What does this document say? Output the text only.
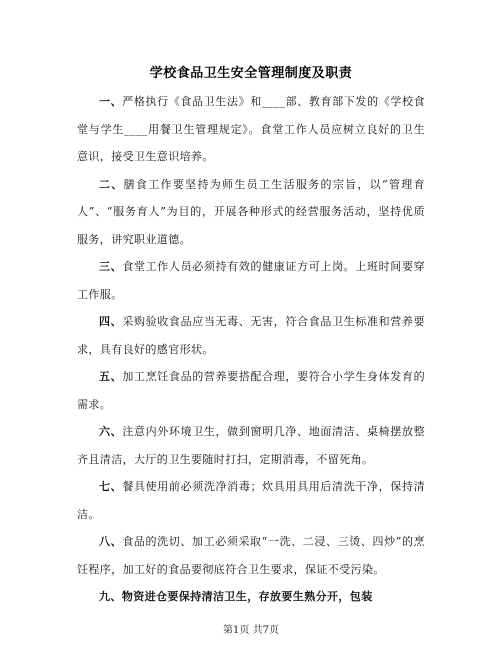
学校食品卫生安全管理制度及职责

一、严格执行《食品卫生法》和____部、教育部下发的《学校食堂与学生____用餐卫生管理规定》。食堂工作人员应树立良好的卫生意识，接受卫生意识培养。

二、膳食工作要坚持为师生员工生活服务的宗旨，以“管理育人”、“服务育人”为目的，开展各种形式的经营服务活动，坚持优质服务，讲究职业道德。

三、食堂工作人员必须持有效的健康证方可上岗。上班时间要穿工作服。

四、采购验收食品应当无毒、无害，符合食品卫生标准和营养要求，具有良好的感官形状。

五、加工烹饪食品的营养要搭配合理，要符合小学生身体发育的需求。

六、注意内外环境卫生，做到窗明几净、地面清洁、桌椅摆放整齐且清洁，大厅的卫生要随时打扫，定期消毒，不留死角。

七、餐具使用前必须洗净消毒；炊具用具用后清洗干净，保持清洁。

八、食品的洗切、加工必须采取“一洗、二浸、三烫、四炒”的烹饪程序，加工好的食品要彻底符合卫生要求，保证不受污染。

九、物资进仓要保持清洁卫生，存放要生熟分开，包装

第1页 共7页
